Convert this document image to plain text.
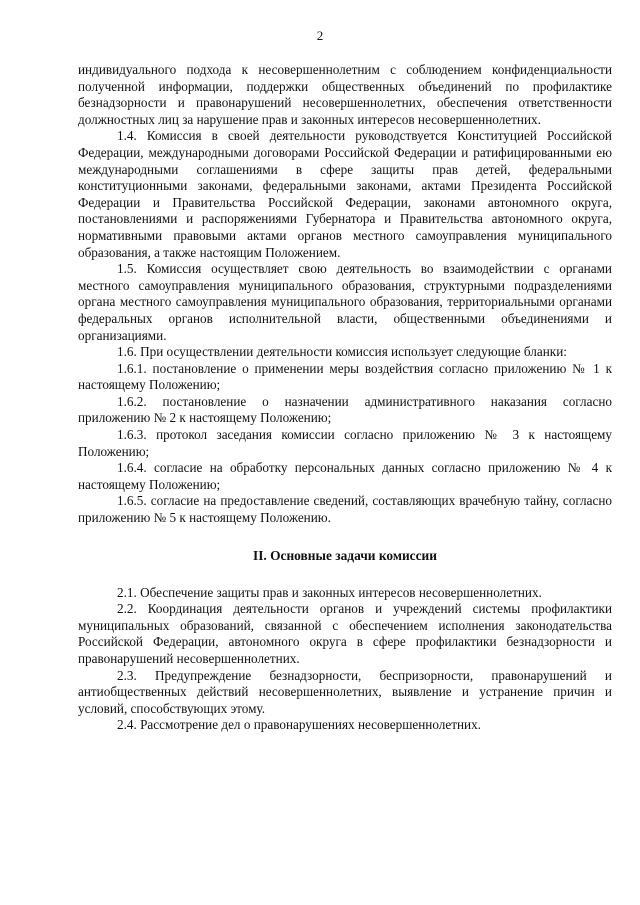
2

индивидуального подхода к несовершеннолетним с соблюдением конфиденциальности полученной информации, поддержки общественных объединений по профилактике безнадзорности и правонарушений несовершеннолетних, обеспечения ответственности должностных лиц за нарушение прав и законных интересов несовершеннолетних.

1.4. Комиссия в своей деятельности руководствуется Конституцией Российской Федерации, международными договорами Российской Федерации и ратифицированными ею международными соглашениями в сфере защиты прав детей, федеральными конституционными законами, федеральными законами, актами Президента Российской Федерации и Правительства Российской Федерации, законами автономного округа, постановлениями и распоряжениями Губернатора и Правительства автономного округа, нормативными правовыми актами органов местного самоуправления муниципального образования, а также настоящим Положением.

1.5. Комиссия осуществляет свою деятельность во взаимодействии с органами местного самоуправления муниципального образования, структурными подразделениями органа местного самоуправления муниципального образования, территориальными органами федеральных органов исполнительной власти, общественными объединениями и организациями.

1.6. При осуществлении деятельности комиссия использует следующие бланки:

1.6.1. постановление о применении меры воздействия согласно приложению № 1 к настоящему Положению;

1.6.2. постановление о назначении административного наказания согласно приложению № 2 к настоящему Положению;

1.6.3. протокол заседания комиссии согласно приложению № 3 к настоящему Положению;

1.6.4. согласие на обработку персональных данных согласно приложению № 4 к настоящему Положению;

1.6.5. согласие на предоставление сведений, составляющих врачебную тайну, согласно приложению № 5 к настоящему Положению.

II. Основные задачи комиссии

2.1. Обеспечение защиты прав и законных интересов несовершеннолетних.

2.2. Координация деятельности органов и учреждений системы профилактики муниципальных образований, связанной с обеспечением исполнения законодательства Российской Федерации, автономного округа в сфере профилактики безнадзорности и правонарушений несовершеннолетних.

2.3. Предупреждение безнадзорности, беспризорности, правонарушений и антиобщественных действий несовершеннолетних, выявление и устранение причин и условий, способствующих этому.

2.4. Рассмотрение дел о правонарушениях несовершеннолетних.
